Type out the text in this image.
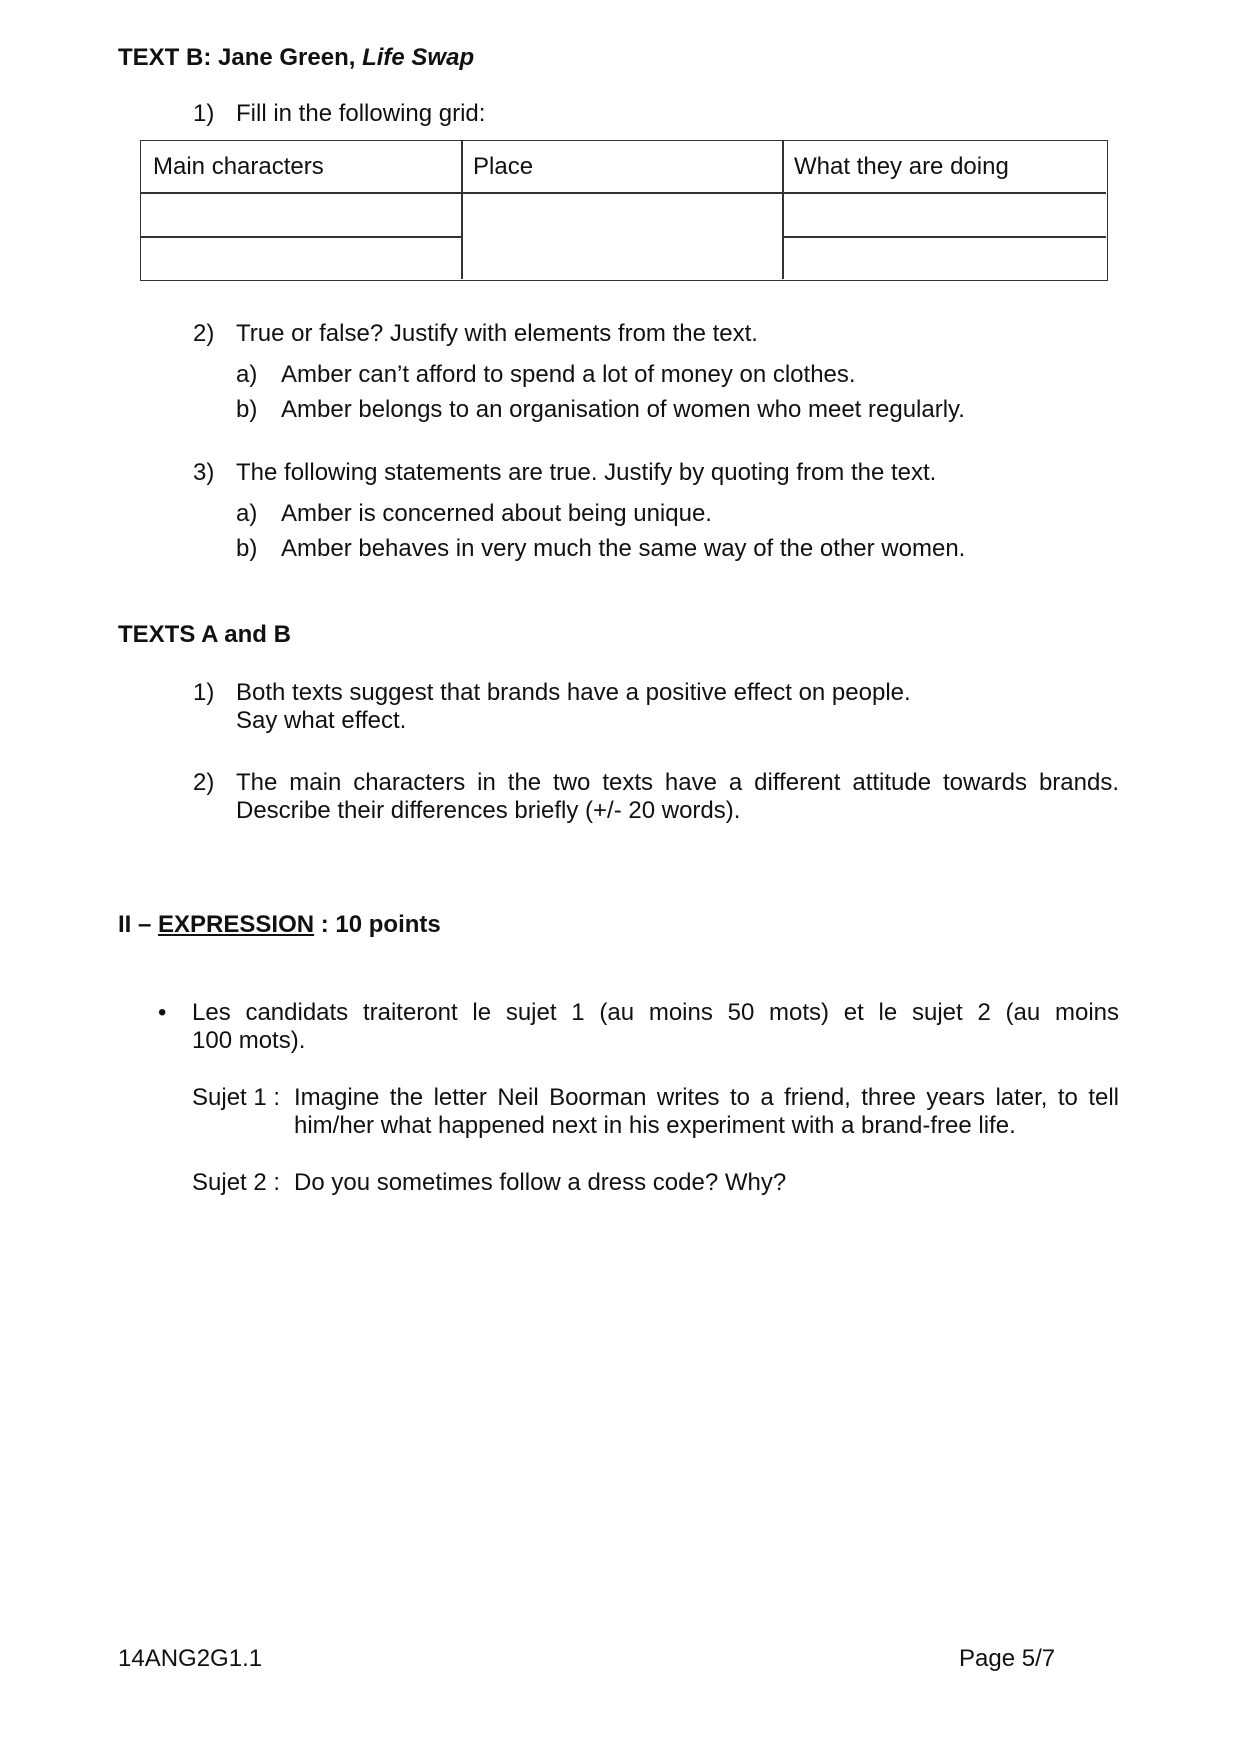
TEXT B: Jane Green, Life Swap
1) Fill in the following grid:
Main characters	Place	What they are doing
2) True or false? Justify with elements from the text.
a) Amber can’t afford to spend a lot of money on clothes.
b) Amber belongs to an organisation of women who meet regularly.
3) The following statements are true. Justify by quoting from the text.
a) Amber is concerned about being unique.
b) Amber behaves in very much the same way of the other women.
TEXTS A and B
1) Both texts suggest that brands have a positive effect on people.
Say what effect.
2) The main characters in the two texts have a different attitude towards brands.
Describe their differences briefly (+/- 20 words).
II – EXPRESSION : 10 points
• Les candidats traiteront le sujet 1 (au moins 50 mots) et le sujet 2 (au moins
100 mots).
Sujet 1 : Imagine the letter Neil Boorman writes to a friend, three years later, to tell
him/her what happened next in his experiment with a brand-free life.
Sujet 2 : Do you sometimes follow a dress code? Why?
14ANG2G1.1	Page 5/7
